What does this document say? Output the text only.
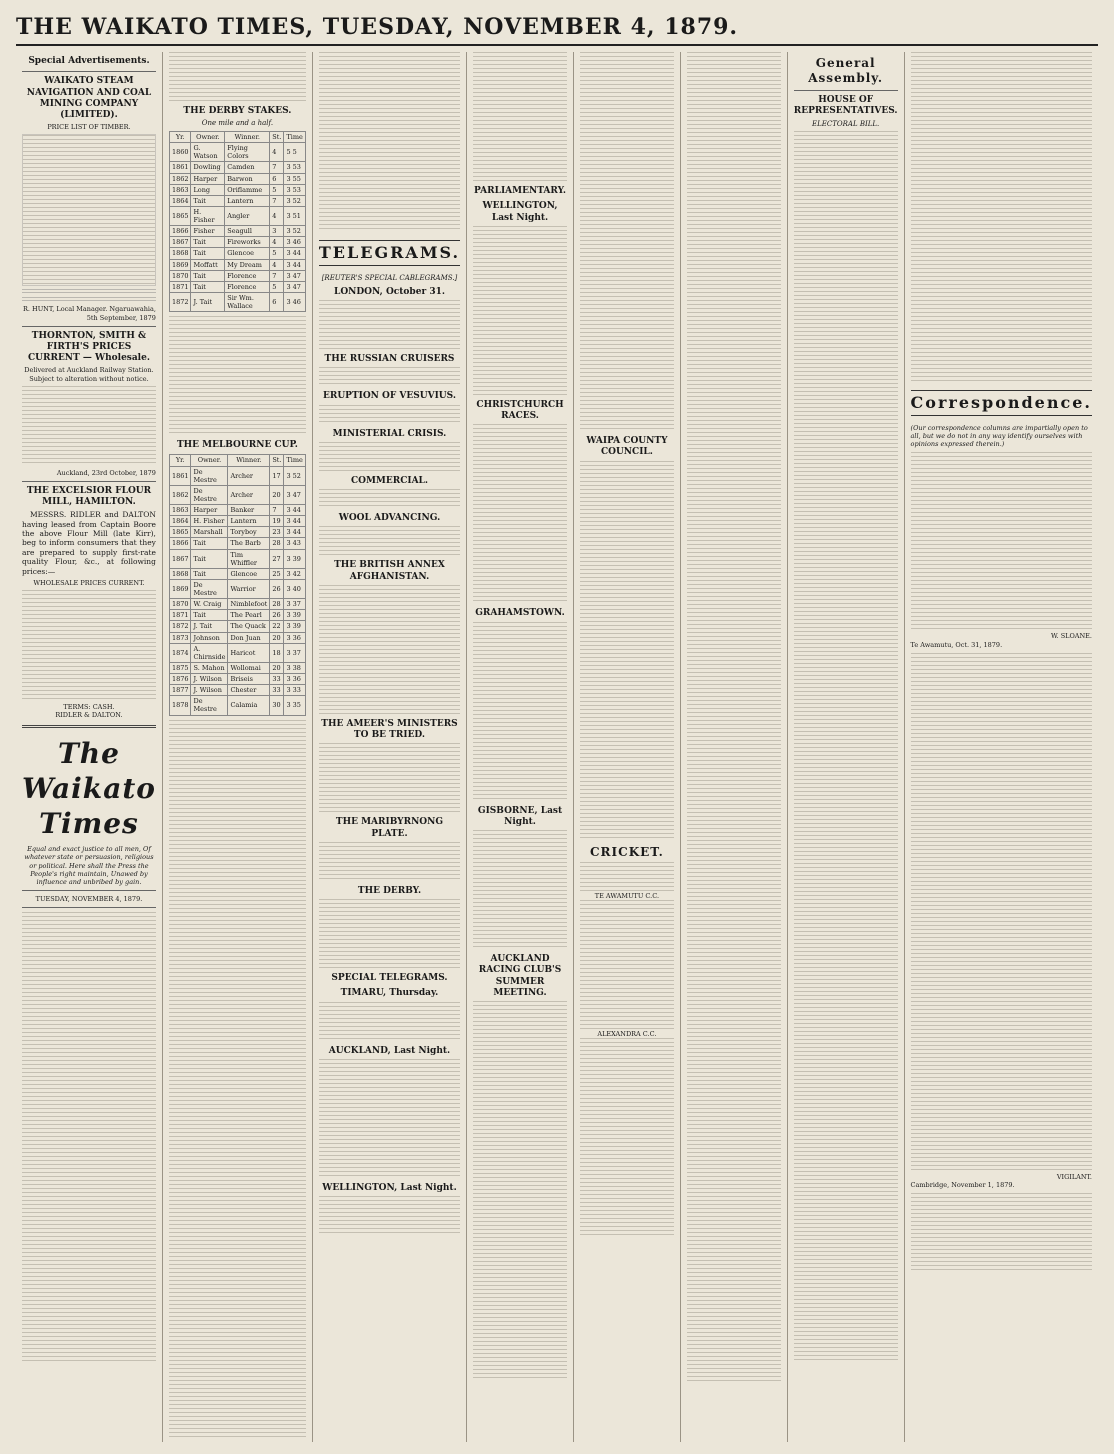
THE WAIKATO TIMES, TUESDAY, NOVEMBER 4, 1879.
Special Advertisements.
WAIKATO STEAM NAVIGATION AND COAL MINING COMPANY (LIMITED).
PRICE LIST OF TIMBER.
R. HUNT, Local Manager. Ngaruawahia, 5th September, 1879
THORNTON, SMITH & FIRTH'S PRICES CURRENT — Wholesale.
Delivered at Auckland Railway Station. Subject to alteration without notice.
Auckland, 23rd October, 1879
THE EXCELSIOR FLOUR MILL, HAMILTON.

MESSRS. RIDLER and DALTON having leased from Captain Boore the above Flour Mill (late Kirr), beg to inform consumers that they are prepared to supply first-rate quality Flour, &c., at following prices:—

WHOLESALE PRICES CURRENT.
TERMS: CASH.
RIDLER & DALTON.
The Waikato Times
Equal and exact justice to all men, Of whatever state or persuasion, religious or political. Here shall the Press the People's right maintain, Unawed by influence and unbribed by gain.
TUESDAY, NOVEMBER 4, 1879.
THE DERBY STAKES.
One mile and a half.
Yr.	Owner.	Winner.	St.	Time
1860	G. Watson	Flying Colors	4	5 5
1861	Dowling	Camden	7	3 53
1862	Harper	Barwon	6	3 55
1863	Long	Oriflamme	5	3 53
1864	Tait	Lantern	7	3 52
1865	H. Fisher	Angler	4	3 51
1866	Fisher	Seagull	3	3 52
1867	Tait	Fireworks	4	3 46
1868	Tait	Glencoe	5	3 44
1869	Moffatt	My Dream	4	3 44
1870	Tait	Florence	7	3 47
1871	Tait	Florence	5	3 47
1872	J. Tait	Sir Wm. Wallace	6	3 46
THE MELBOURNE CUP.
Yr.	Owner.	Winner.	St.	Time
1861	De Mestre	Archer	17	3 52
1862	De Mestre	Archer	20	3 47
1863	Harper	Banker	7	3 44
1864	H. Fisher	Lantern	19	3 44
1865	Marshall	Toryboy	23	3 44
1866	Tait	The Barb	28	3 43
1867	Tait	Tim Whiffler	27	3 39
1868	Tait	Glencoe	25	3 42
1869	De Mestre	Warrior	26	3 40
1870	W. Craig	Nimblefoot	28	3 37
1871	Tait	The Pearl	26	3 39
1872	J. Tait	The Quack	22	3 39
1873	Johnson	Don Juan	20	3 36
1874	A. Chirnside	Haricot	18	3 37
1875	S. Mahon	Wollomai	20	3 38
1876	J. Wilson	Briseis	33	3 36
1877	J. Wilson	Chester	33	3 33
1878	De Mestre	Calamia	30	3 35
TELEGRAMS.
[REUTER'S SPECIAL CABLEGRAMS.]
LONDON, October 31.
THE RUSSIAN CRUISERS
ERUPTION OF VESUVIUS.
MINISTERIAL CRISIS.
COMMERCIAL.
WOOL ADVANCING.
THE BRITISH ANNEX AFGHANISTAN.
THE AMEER'S MINISTERS TO BE TRIED.
THE MARIBYRNONG PLATE.
THE DERBY.
SPECIAL TELEGRAMS.
TIMARU, Thursday.
AUCKLAND, Last Night.
WELLINGTON, Last Night.
PARLIAMENTARY.
WELLINGTON, Last Night.
CHRISTCHURCH RACES.
GRAHAMSTOWN.
GISBORNE, Last Night.
AUCKLAND RACING CLUB'S SUMMER MEETING.
WAIPA COUNTY COUNCIL.
CRICKET.
TE AWAMUTU C.C.
ALEXANDRA C.C.
General Assembly.
HOUSE OF REPRESENTATIVES.
ELECTORAL BILL.
Correspondence.
(Our correspondence columns are impartially open to all, but we do not in any way identify ourselves with opinions expressed therein.)
W. SLOANE.
Te Awamutu, Oct. 31, 1879.
VIGILANT.
Cambridge, November 1, 1879.
